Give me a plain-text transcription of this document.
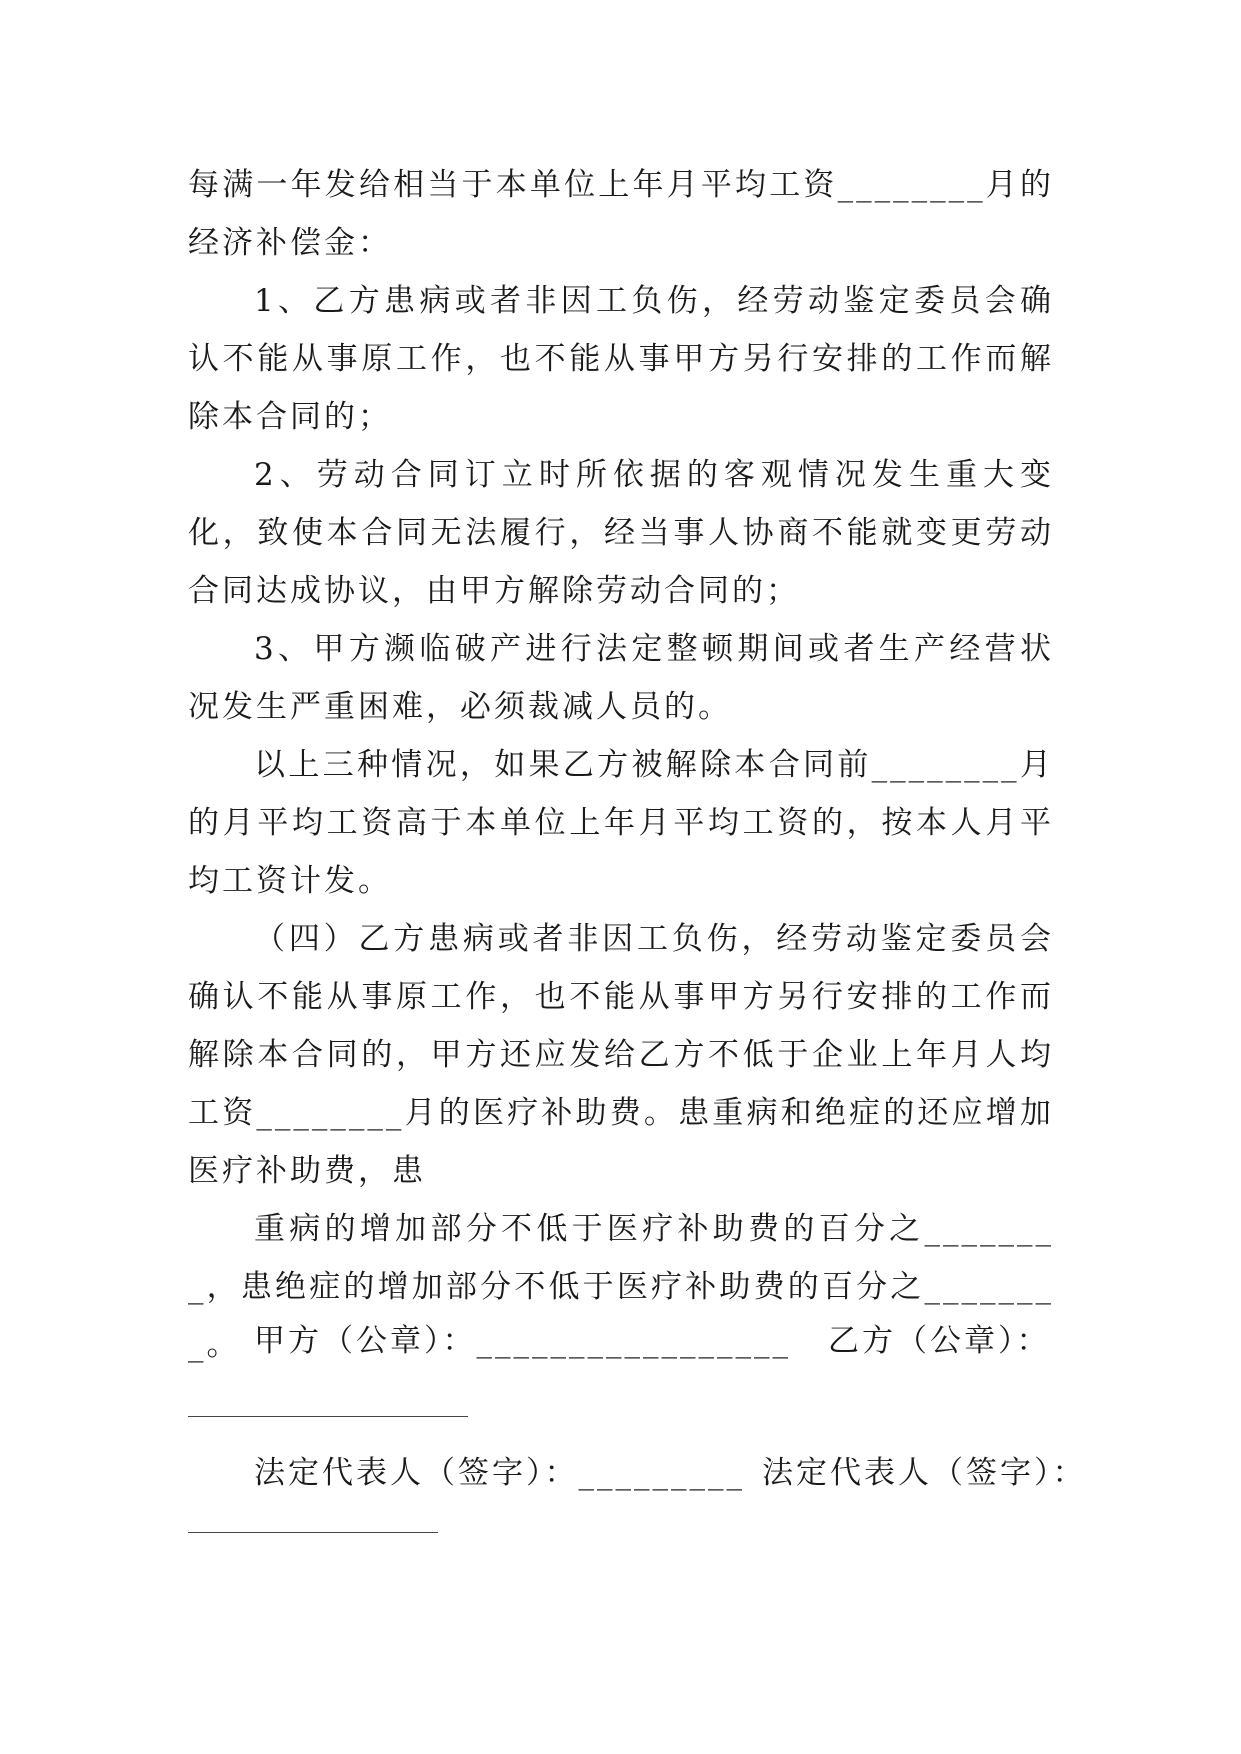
每满一年发给相当于本单位上年月平均工资________月的经济补偿金：

1、乙方患病或者非因工负伤，经劳动鉴定委员会确认不能从事原工作，也不能从事甲方另行安排的工作而解除本合同的；

2、劳动合同订立时所依据的客观情况发生重大变化，致使本合同无法履行，经当事人协商不能就变更劳动合同达成协议，由甲方解除劳动合同的；

3、甲方濒临破产进行法定整顿期间或者生产经营状况发生严重困难，必须裁减人员的。

以上三种情况，如果乙方被解除本合同前________月的月平均工资高于本单位上年月平均工资的，按本人月平均工资计发。

（四）乙方患病或者非因工负伤，经劳动鉴定委员会确认不能从事原工作，也不能从事甲方另行安排的工作而解除本合同的，甲方还应发给乙方不低于企业上年月人均工资________月的医疗补助费。患重病和绝症的还应增加医疗补助费，患

重病的增加部分不低于医疗补助费的百分之________，患绝症的增加部分不低于医疗补助费的百分之________。 甲方（公章）：_________________ 乙方（公章）：
法定代表人（签字）：_________ 法定代表人（签字）：
